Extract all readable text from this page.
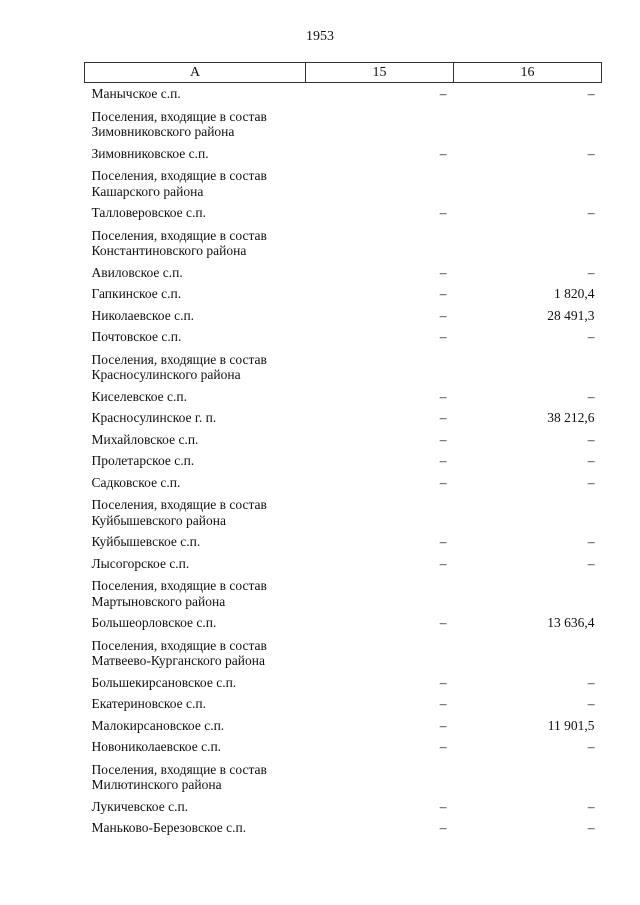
1953
А	15	16
Манычское с.п.	–	–
Поселения, входящие в состав Зимовниковского района		
Зимовниковское с.п.	–	–
Поселения, входящие в состав Кашарского района		
Талловеровское с.п.	–	–
Поселения, входящие в состав Константиновского района		
Авиловское с.п.	–	–
Гапкинское с.п.	–	1 820,4
Николаевское с.п.	–	28 491,3
Почтовское с.п.	–	–
Поселения, входящие в состав Красносулинского района		
Киселевское с.п.	–	–
Красносулинское г. п.	–	38 212,6
Михайловское с.п.	–	–
Пролетарское с.п.	–	–
Садковское с.п.	–	–
Поселения, входящие в состав Куйбышевского района		
Куйбышевское с.п.	–	–
Лысогорское с.п.	–	–
Поселения, входящие в состав Мартыновского района		
Большеорловское с.п.	–	13 636,4
Поселения, входящие в состав Матвеево-Курганского района		
Большекирсановское с.п.	–	–
Екатериновское с.п.	–	–
Малокирсановское с.п.	–	11 901,5
Новониколаевское с.п.	–	–
Поселения, входящие в состав Милютинского района		
Лукичевское с.п.	–	–
Маньково-Березовское с.п.	–	–
